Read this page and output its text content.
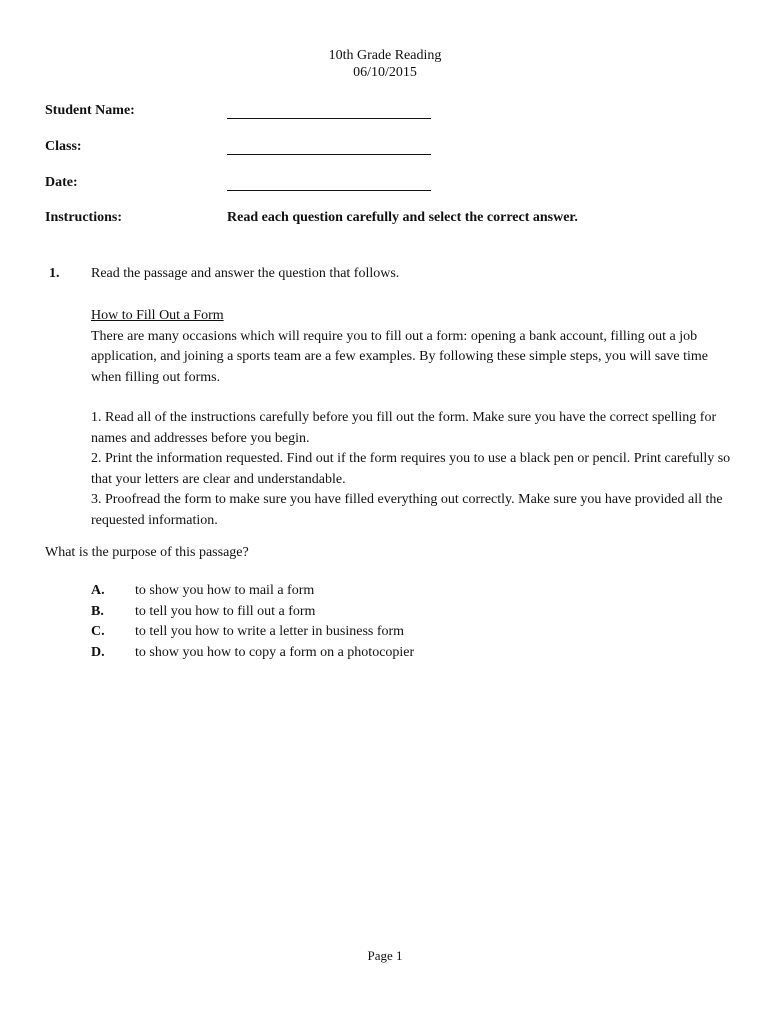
10th Grade Reading
06/10/2015
Student Name:
Class:
Date:
Instructions:	Read each question carefully and select the correct answer.
1. Read the passage and answer the question that follows.

How to Fill Out a Form

There are many occasions which will require you to fill out a form: opening a bank account, filling out a job application, and joining a sports team are a few examples. By following these simple steps, you will save time when filling out forms.

1. Read all of the instructions carefully before you fill out the form. Make sure you have the correct spelling for names and addresses before you begin.

2. Print the information requested. Find out if the form requires you to use a black pen or pencil. Print carefully so that your letters are clear and understandable.

3. Proofread the form to make sure you have filled everything out correctly. Make sure you have provided all the requested information.

What is the purpose of this passage?
A. to show you how to mail a form
B. to tell you how to fill out a form
C. to tell you how to write a letter in business form
D. to show you how to copy a form on a photocopier
Page 1
